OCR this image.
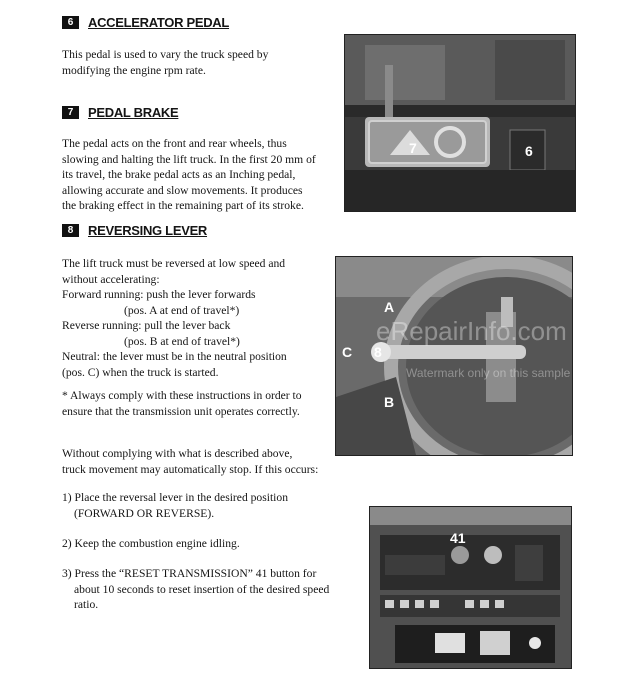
6	ACCELERATOR PEDAL
This pedal is used to vary the truck speed by
modifying the engine rpm rate.
7	PEDAL BRAKE
The pedal acts on the front and rear wheels, thus
slowing and halting the lift truck. In the first 20 mm of
its travel, the brake pedal acts as an Inching pedal,
allowing accurate and slow movements. It produces
the braking effect in the remaining part of its stroke.
8	REVERSING LEVER
The lift truck must be reversed at low speed and
without accelerating:
Forward running: push the lever forwards
(pos. A at end of travel*)
Reverse running: pull the lever back
(pos. B at end of travel*)
Neutral: the lever must be in the neutral position
(pos. C) when the truck is started.
* Always comply with these instructions in order to
ensure that the transmission unit operates correctly.
Without complying with what is described above,
truck movement may automatically stop. If this occurs:
1) Place the reversal lever in the desired position
(FORWARD OR REVERSE).
2) Keep the combustion engine idling.
3) Press the “RESET TRANSMISSION” 41 button for
about 10 seconds to reset insertion of the desired speed
ratio.
7	6
A
C 8
B
eRepairInfo.com
Watermark only on this sample
41
